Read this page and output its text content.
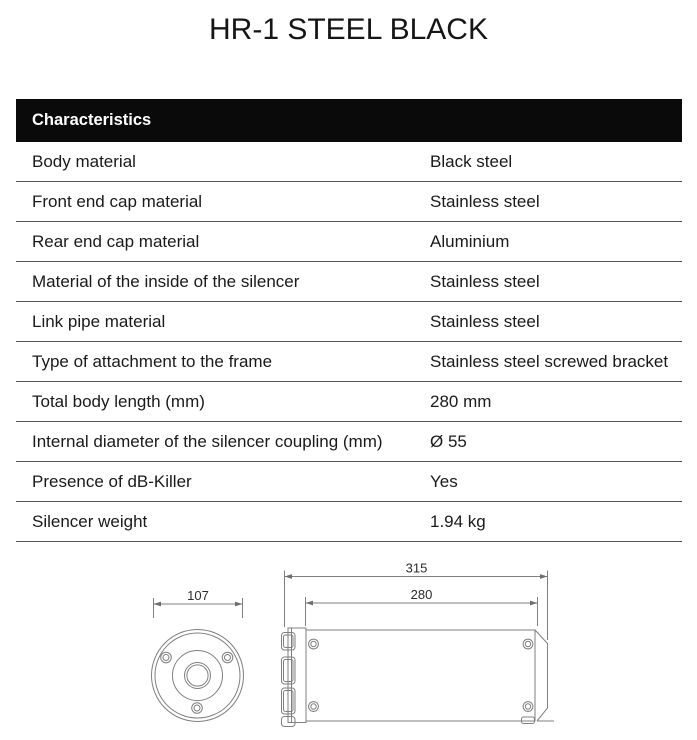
HR-1 STEEL BLACK
Characteristics
Body material	Black steel
Front end cap material	Stainless steel
Rear end cap material	Aluminium
Material of the inside of the silencer	Stainless steel
Link pipe material	Stainless steel
Type of attachment to the frame	Stainless steel screwed bracket
Total body length (mm)	280 mm
Internal diameter of the silencer coupling (mm)	Ø 55
Presence of dB-Killer	Yes
Silencer weight	1.94 kg
107
315
280
